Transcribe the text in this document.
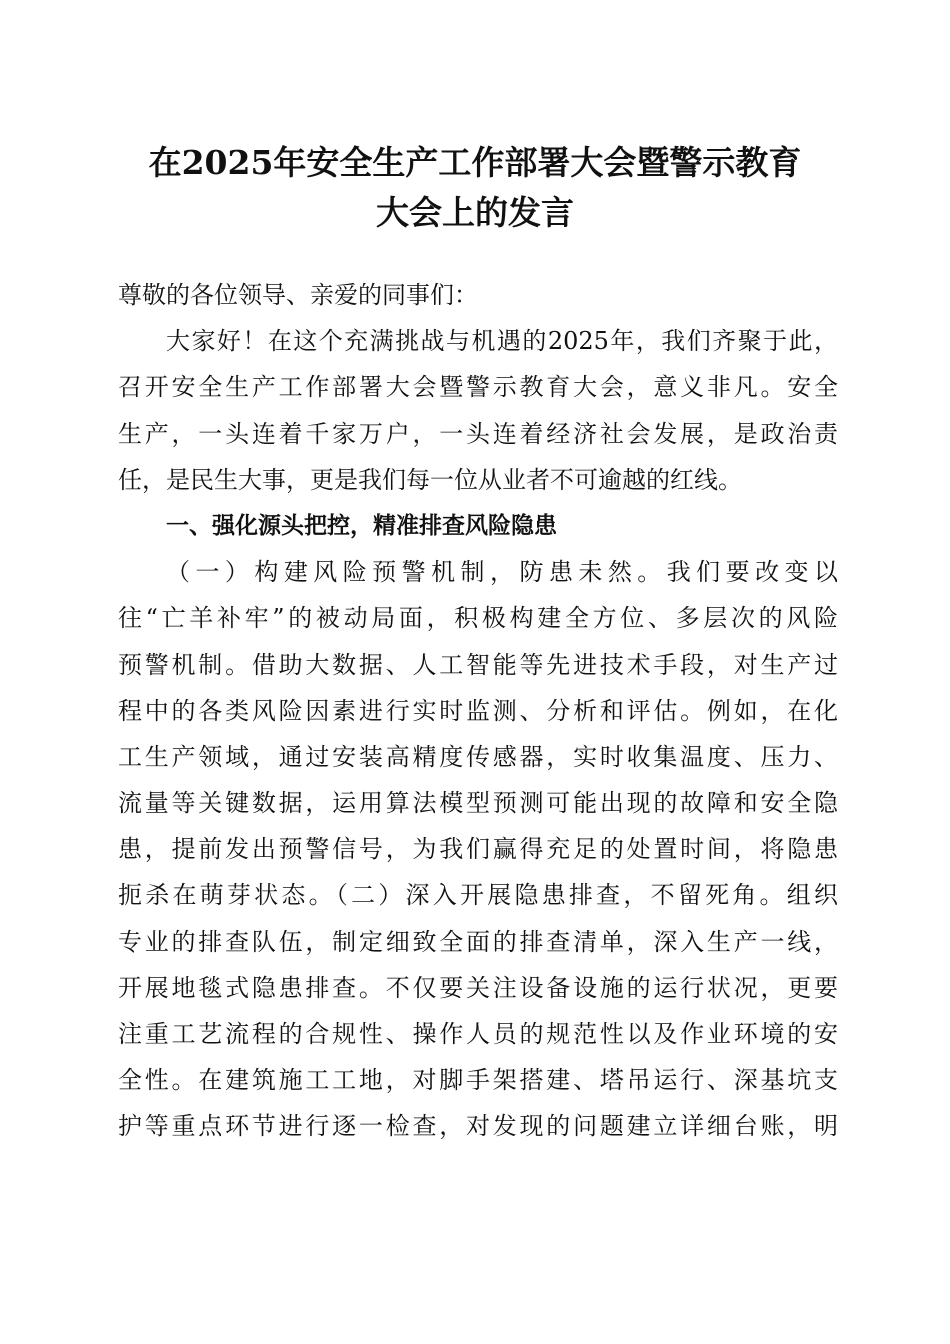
在2025年安全生产工作部署大会暨警示教育
大会上的发言
尊敬的各位领导、亲爱的同事们：
大家好！在这个充满挑战与机遇的2025年，我们齐聚于此，
召开安全生产工作部署大会暨警示教育大会，意义非凡。安全
生产，一头连着千家万户，一头连着经济社会发展，是政治责
任，是民生大事，更是我们每一位从业者不可逾越的红线。
一、强化源头把控，精准排查风险隐患
（一）构建风险预警机制，防患未然。我们要改变以
往“亡羊补牢”的被动局面，积极构建全方位、多层次的风险
预警机制。借助大数据、人工智能等先进技术手段，对生产过
程中的各类风险因素进行实时监测、分析和评估。例如，在化
工生产领域，通过安装高精度传感器，实时收集温度、压力、
流量等关键数据，运用算法模型预测可能出现的故障和安全隐
患，提前发出预警信号，为我们赢得充足的处置时间，将隐患
扼杀在萌芽状态。（二）深入开展隐患排查，不留死角。组织
专业的排查队伍，制定细致全面的排查清单，深入生产一线，
开展地毯式隐患排查。不仅要关注设备设施的运行状况，更要
注重工艺流程的合规性、操作人员的规范性以及作业环境的安
全性。在建筑施工工地，对脚手架搭建、塔吊运行、深基坑支
护等重点环节进行逐一检查，对发现的问题建立详细台账，明
